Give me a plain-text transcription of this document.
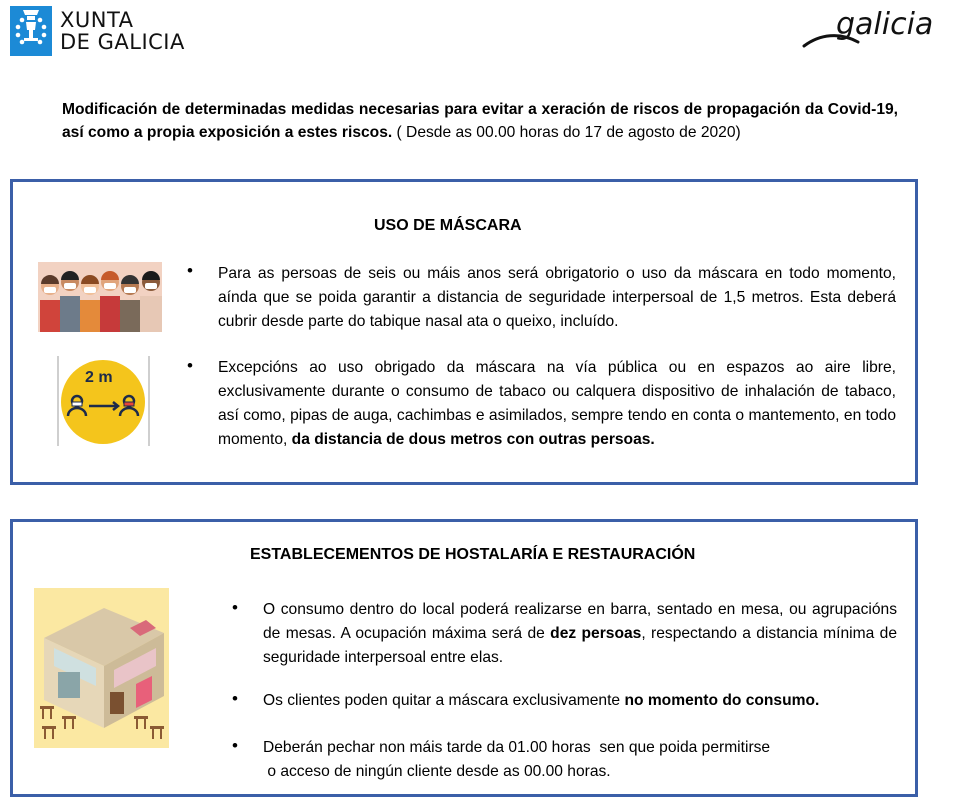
XUNTA
DE GALICIA	galicia
Modificación de determinadas medidas necesarias para evitar a xeración de riscos de propagación da Covid-19, así como a propia exposición a estes riscos. ( Desde as 00.00 horas do 17 de agosto de 2020)
USO DE MÁSCARA
2 m
• Para as persoas de seis ou máis anos será obrigatorio o uso da máscara en todo momento, aínda que se poida garantir a distancia de seguridade interpersoal de 1,5 metros. Esta deberá cubrir desde parte do tabique nasal ata o queixo, incluído.
• Excepcións ao uso obrigado da máscara na vía pública ou en espazos ao aire libre, exclusivamente durante o consumo de tabaco ou calquera dispositivo de inhalación de tabaco, así como, pipas de auga, cachimbas e asimilados, sempre tendo en conta o mantemento, en todo momento, da distancia de dous metros con outras persoas.
ESTABLECEMENTOS DE HOSTALARÍA E RESTAURACIÓN
• O consumo dentro do local poderá realizarse en barra, sentado en mesa, ou agrupacións de mesas. A ocupación máxima será de dez persoas, respectando a distancia mínima de seguridade interpersoal entre elas.
• Os clientes poden quitar a máscara exclusivamente no momento do consumo.
• Deberán pechar non máis tarde da 01.00 horas  sen que poida permitirse
o acceso de ningún cliente desde as 00.00 horas.
